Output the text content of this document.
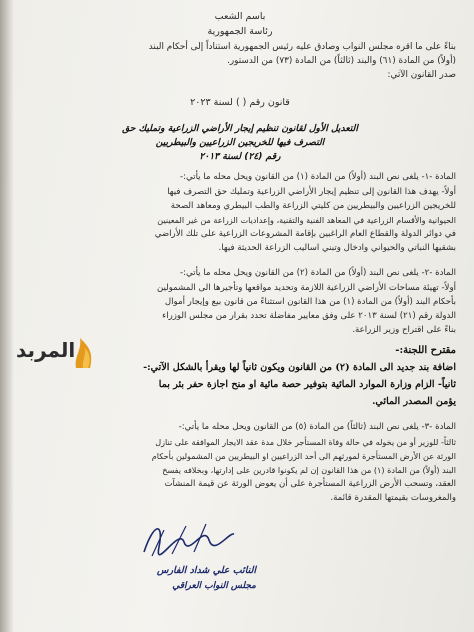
باسم الشعب
رئاسة الجمهورية
بناءً على ما اقره مجلس النواب وصادق عليه رئيس الجمهورية استناداً إلى أحكام البند
(أولاً) من المادة (٦١) والبند (ثالثاً) من المادة (٧٣) من الدستور.
صدر القانون الآتي:
قانون رقم ( ) لسنة ٢٠٢٣
التعديل الأول لقانون تنظيم إيجار الأراضي الزراعية وتمليك حق
التصرف فيها للخريجين الزراعيين والبيطريين
رقم (٢٤) لسنة ٢٠١٣
المادة -١- يلغى نص البند (أولاً) من المادة (١) من القانون ويحل محله ما يأتي:-
أولاً- يهدف هذا القانون إلى تنظيم إيجار الأراضي الزراعية وتمليك حق التصرف فيها
للخريجين الزراعيين والبيطريين من كليتي الزراعة والطب البيطري ومعاهد الصحة
الحيوانية والأقسام الزراعية في المعاهد الفنية والتقنية، وإعداديات الزراعة من غير المعينين
في دوائر الدولة والقطاع العام الراغبين بإقامة المشروعات الزراعية على تلك الأراضي
بشقيها النباتي والحيواني وادخال وتبني اساليب الزراعة الحديثة فيها.
المادة -٢- يلغى نص البند (أولاً) من المادة (٢) من القانون ويحل محله ما يأتي:-
أولاً- تهيئة مساحات الأراضي الزراعية اللازمة وتحديد مواقعها وتأجيرها الى المشمولين
بأحكام البند (أولاً) من المادة (١) من هذا القانون استثناءً من قانون بيع وإيجار أموال
الدولة رقم (٢١) لسنة ٢٠١٣ على وفق معايير مفاضلة تحدد بقرار من مجلس الوزراء
بناءً على اقتراح وزير الزراعة.
مقترح اللجنة:-
اضافة بند جديد الى المادة (٢) من القانون ويكون ثانياً لها ويقرأ بالشكل الآتي:-
ثانياً- الزام وزارة الموارد المائية بتوفير حصة مائية او منح اجازة حفر بئر بما
يؤمن المصدر المائي.
المادة -٣- يلغى نص البند (ثالثاً) من المادة (٥) من القانون ويحل محله ما يأتي:-
ثالثاً- للوزير أو من يخوله في حالة وفاة المستأجر خلال مدة عقد الايجار الموافقة على تنازل
الورثة عن الأرض المستأجرة لمورثهم الى أحد الزراعيين او البيطريين من المشمولين بأحكام
البند (أولاً) من المادة (١) من هذا القانون إن لم يكونوا قادرين على إدارتها، وبخلافه يفسخ
العقد، وتسحب الأرض الزراعية المستأجرة على أن يعوض الورثة عن قيمة المنشآت
والمغروسات بقيمتها المقدرة قائمة.
النائب علي شداد الفارس
مجلس النواب العراقي
المربد
